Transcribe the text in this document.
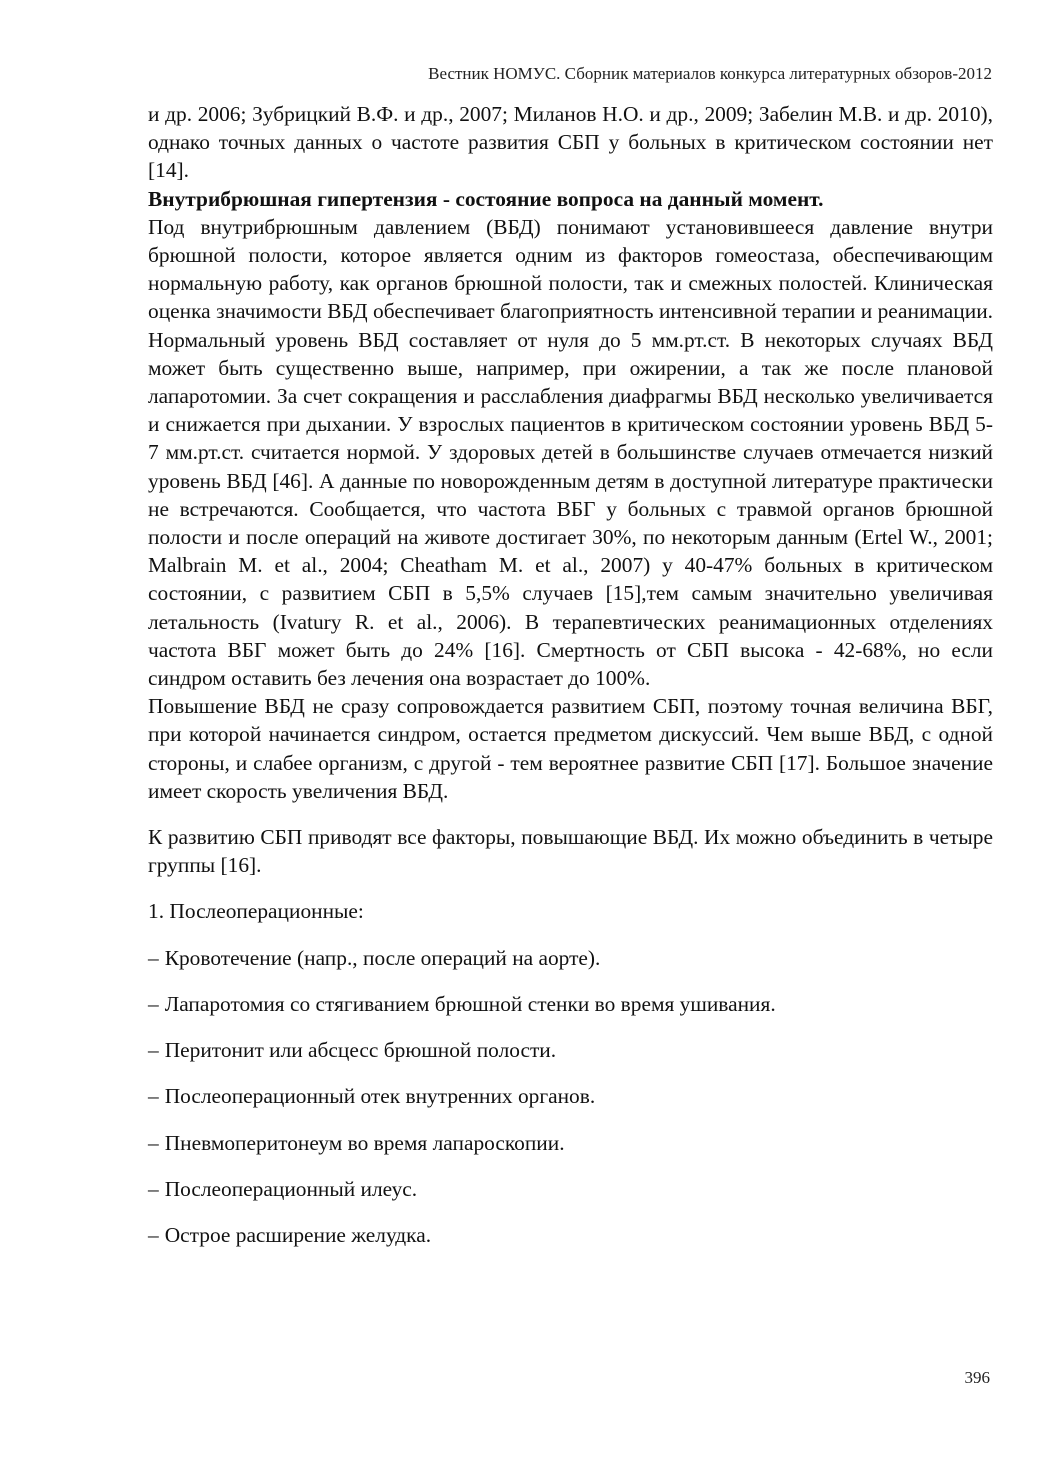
Вестник НОМУС. Сборник материалов конкурса литературных обзоров-2012

и др. 2006; Зубрицкий В.Ф. и др., 2007; Миланов Н.О. и др., 2009; Забелин М.В. и др. 2010), однако точных данных о частоте развития СБП у больных в критическом состоянии нет [14].

Внутрибрюшная гипертензия - состояние вопроса на данный момент.

Под внутрибрюшным давлением (ВБД) понимают установившееся давление внутри брюшной полости, которое является одним из факторов гомеостаза, обеспечивающим нормальную работу, как органов брюшной полости, так и смежных полостей. Клиническая оценка значимости ВБД обеспечивает благоприятность интенсивной терапии и реанимации. Нормальный уровень ВБД составляет от нуля до 5 мм.рт.ст. В некоторых случаях ВБД может быть существенно выше, например, при ожирении, а так же после плановой лапаротомии. За счет сокращения и расслабления диафрагмы ВБД несколько увеличивается и снижается при дыхании. У взрослых пациентов в критическом состоянии уровень ВБД 5-7 мм.рт.ст. считается нормой. У здоровых детей в большинстве случаев отмечается низкий уровень ВБД [46]. А данные по новорожденным детям в доступной литературе практически не встречаются. Сообщается, что частота ВБГ у больных с травмой органов брюшной полости и после операций на животе достигает 30%, по некоторым данным (Ertel W., 2001; Malbrain M. et al., 2004; Cheatham M. et al., 2007) у 40-47% больных в критическом состоянии, с развитием СБП в 5,5% случаев [15],тем самым значительно увеличивая летальность (Ivatury R. et al., 2006). В терапевтических реанимационных отделениях частота ВБГ может быть до 24% [16]. Смертность от СБП высока - 42-68%, но если синдром оставить без лечения она возрастает до 100%.

Повышение ВБД не сразу сопровождается развитием СБП, поэтому точная величина ВБГ, при которой начинается синдром, остается предметом дискуссий. Чем выше ВБД, с одной стороны, и слабее организм, с другой - тем вероятнее развитие СБП [17]. Большое значение имеет скорость увеличения ВБД.

К развитию СБП приводят все факторы, повышающие ВБД. Их можно объединить в четыре группы [16].

1. Послеоперационные:

– Кровотечение (напр., после операций на аорте).

– Лапаротомия со стягиванием брюшной стенки во время ушивания.

– Перитонит или абсцесс брюшной полости.

– Послеоперационный отек внутренних органов.

– Пневмоперитонеум во время лапароскопии.

– Послеоперационный илеус.

– Острое расширение желудка.

396
